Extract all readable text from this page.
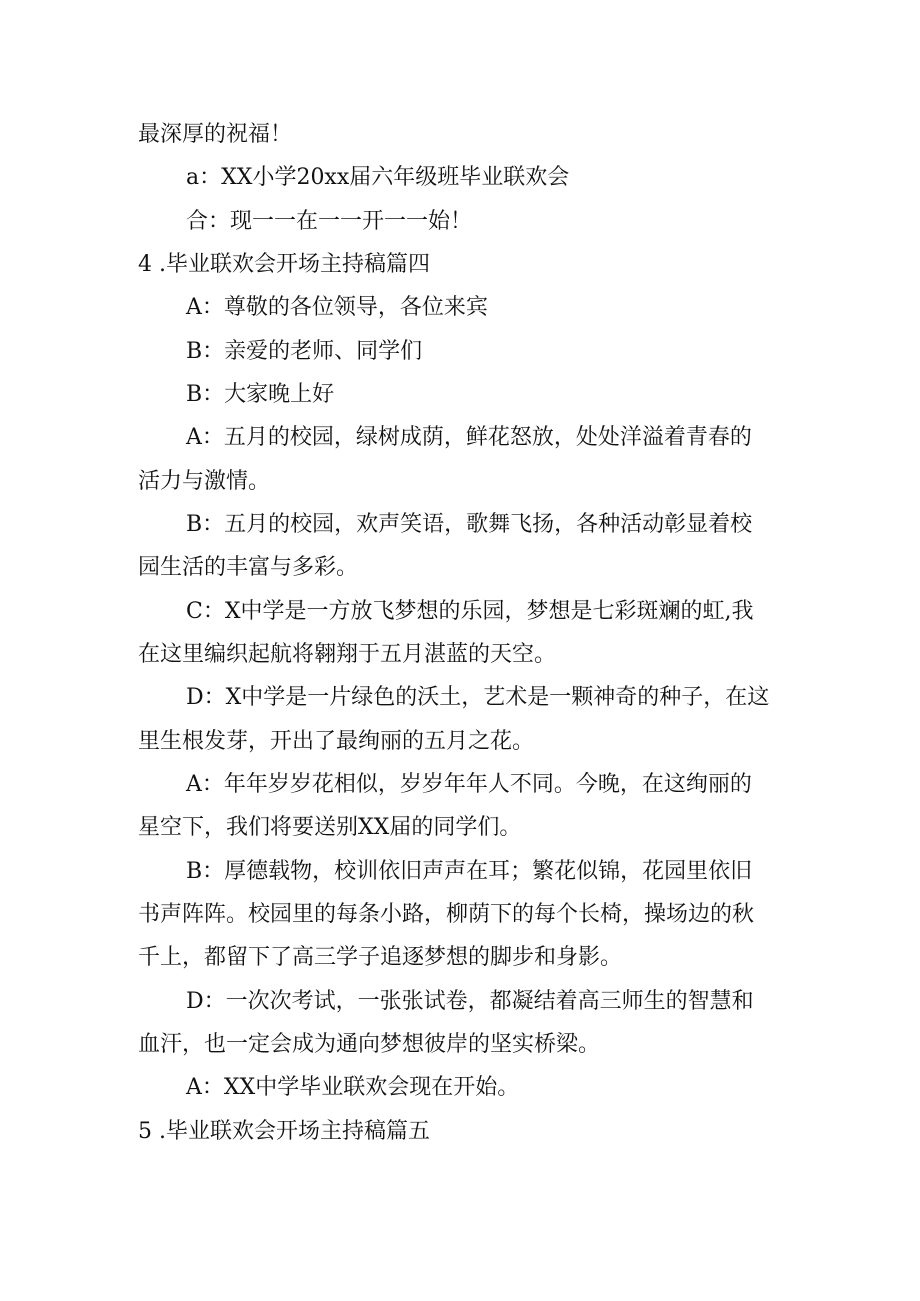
最深厚的祝福！

a：XX小学20xx届六年级班毕业联欢会

合：现一一在一一开一一始！

4 .毕业联欢会开场主持稿篇四

A：尊敬的各位领导，各位来宾

B：亲爱的老师、同学们

B：大家晚上好

A：五月的校园，绿树成荫，鲜花怒放，处处洋溢着青春的

活力与激情。

B：五月的校园，欢声笑语，歌舞飞扬，各种活动彰显着校

园生活的丰富与多彩。

C：X中学是一方放飞梦想的乐园，梦想是七彩斑斓的虹,我

在这里编织起航将翱翔于五月湛蓝的天空。

D：X中学是一片绿色的沃土，艺术是一颗神奇的种子，在这

里生根发芽，开出了最绚丽的五月之花。

A：年年岁岁花相似，岁岁年年人不同。今晚，在这绚丽的

星空下，我们将要送别XX届的同学们。

B：厚德载物，校训依旧声声在耳；繁花似锦，花园里依旧

书声阵阵。校园里的每条小路，柳荫下的每个长椅，操场边的秋

千上，都留下了高三学子追逐梦想的脚步和身影。

D：一次次考试，一张张试卷，都凝结着高三师生的智慧和

血汗，也一定会成为通向梦想彼岸的坚实桥梁。

A：XX中学毕业联欢会现在开始。

5 .毕业联欢会开场主持稿篇五
